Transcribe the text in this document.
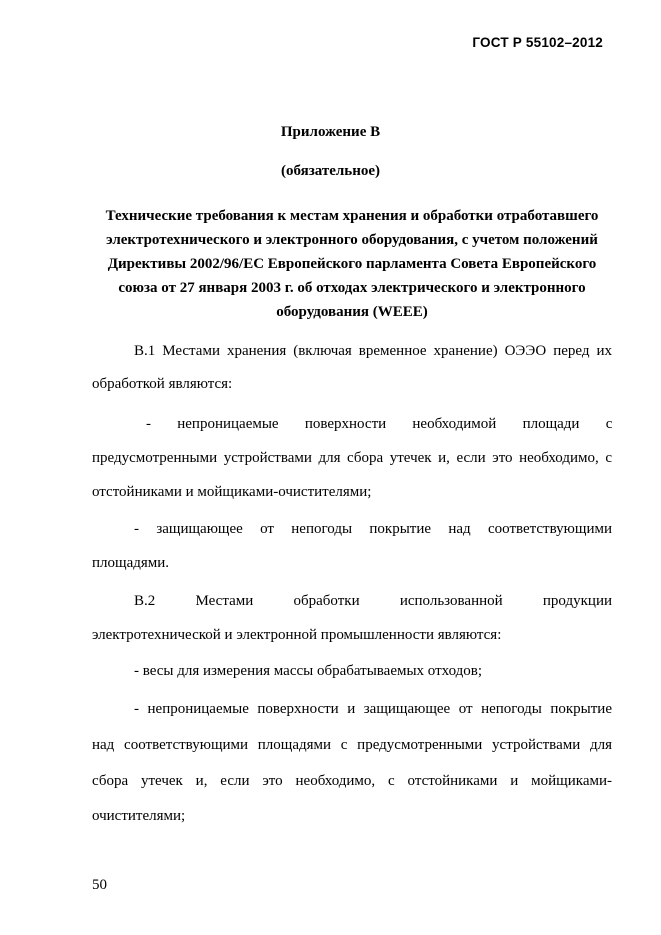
ГОСТ Р 55102–2012
Приложение В
(обязательное)
Технические требования к местам хранения и обработки отработавшего
электротехнического и электронного оборудования, с учетом положений
Директивы 2002/96/ЕС Европейского парламента Совета Европейского
союза от 27 января 2003 г. об отходах электрического и электронного
оборудования (WEEE)
В.1 Местами хранения (включая временное хранение) ОЭЭО перед их
обработкой являются:
-       непроницаемые       поверхности       необходимой       площади       с
предусмотренными устройствами для сбора утечек и, если это необходимо, с
отстойниками и мойщиками-очистителями;
- защищающее от непогоды покрытие над соответствующими
площадями.
В.2 Местами обработки использованной продукции
электротехнической и электронной промышленности являются:
- весы для измерения массы обрабатываемых отходов;
- непроницаемые поверхности и защищающее от непогоды покрытие
над соответствующими площадями с предусмотренными устройствами для
сбора утечек и, если это необходимо, с отстойниками и мойщиками-
очистителями;
50
